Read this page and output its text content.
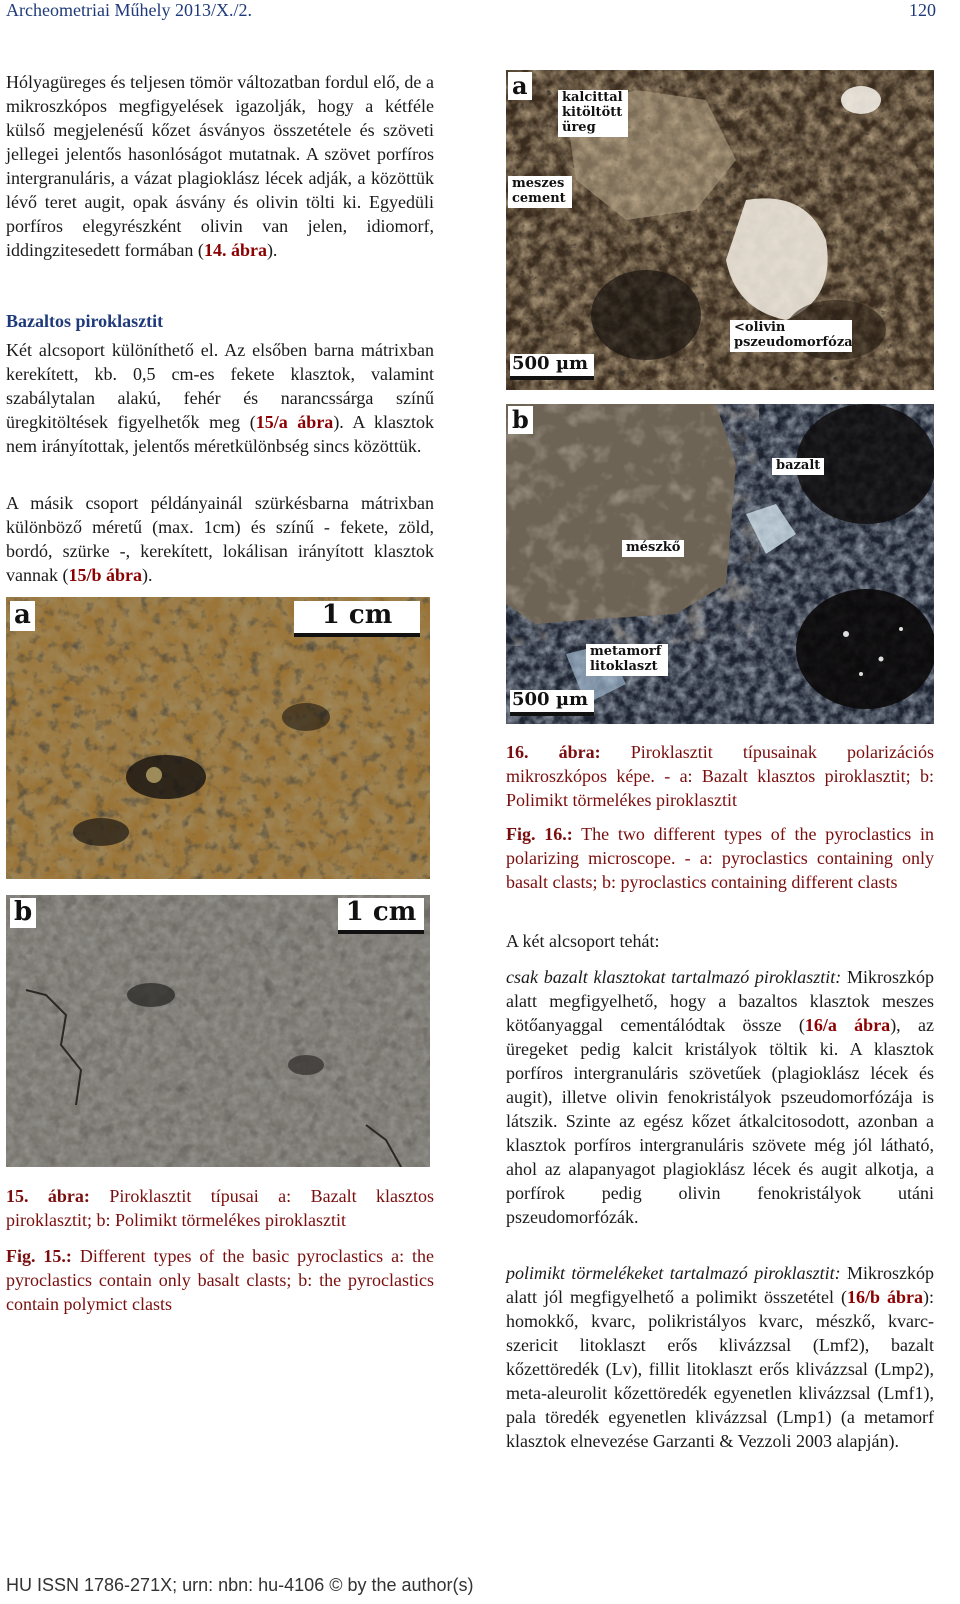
Archeometriai Műhely 2013/X./2.	120

Hólyagüreges és teljesen tömör változatban fordul elő, de a mikroszkópos megfigyelések igazolják, hogy a kétféle külső megjelenésű kőzet ásványos összetétele és szöveti jellegei jelentős hasonlóságot mutatnak. A szövet porfíros intergranuláris, a vázat plagioklász lécek adják, a közöttük lévő teret augit, opak ásvány és olivin tölti ki. Egyedüli porfíros elegyrészként olivin van jelen, idiomorf, iddingzitesedett formában (14. ábra).

Bazaltos piroklasztit

Két alcsoport különíthető el. Az elsőben barna mátrixban kerekített, kb. 0,5 cm-es fekete klasztok, valamint szabálytalan alakú, fehér és narancssárga színű üregkitöltések figyelhetők meg (15/a ábra). A klasztok nem irányítottak, jelentős méretkülönbség sincs közöttük.

A másik csoport példányainál szürkésbarna mátrixban különböző méretű (max. 1cm) és színű - fekete, zöld, bordó, szürke -, kerekített, lokálisan irányított klasztok vannak (15/b ábra).

a	1 cm
b	1 cm

15. ábra: Piroklasztit típusai a: Bazalt klasztos piroklasztit; b: Polimikt törmelékes piroklasztit

Fig. 15.: Different types of the basic pyroclastics a: the pyroclastics contain only basalt clasts; b: the pyroclastics contain polymict clasts

a	kalcittal kitöltött üreg
meszes cement
<olivin pszeudomorfóza
500 µm
b
bazalt
mészkő
metamorf litoklaszt
500 µm

16. ábra: Piroklasztit típusainak polarizációs mikroszkópos képe. - a: Bazalt klasztos piroklasztit; b: Polimikt törmelékes piroklasztit

Fig. 16.: The two different types of the pyroclastics in polarizing microscope. - a: pyroclastics containing only basalt clasts; b: pyroclastics containing different clasts

A két alcsoport tehát:

csak bazalt klasztokat tartalmazó piroklasztit: Mikroszkóp alatt megfigyelhető, hogy a bazaltos klasztok meszes kötőanyaggal cementálódtak össze (16/a ábra), az üregeket pedig kalcit kristályok töltik ki. A klasztok porfíros intergranuláris szövetűek (plagioklász lécek és augit), illetve olivin fenokristályok pszeudomorfózája is látszik. Szinte az egész kőzet átkalcitosodott, azonban a klasztok porfíros intergranuláris szövete még jól látható, ahol az alapanyagot plagioklász lécek és augit alkotja, a porfírok pedig olivin fenokristályok utáni pszeudomorfózák.

polimikt törmelékeket tartalmazó piroklasztit: Mikroszkóp alatt jól megfigyelhető a polimikt összetétel (16/b ábra): homokkő, kvarc, polikristályos kvarc, mészkő, kvarc-szericit litoklaszt erős klivázzsal (Lmf2), bazalt kőzettöredék (Lv), fillit litoklaszt erős klivázzsal (Lmp2), meta-aleurolit kőzettöredék egyenetlen klivázzsal (Lmf1), pala töredék egyenetlen klivázzsal (Lmp1) (a metamorf klasztok elnevezése Garzanti & Vezzoli 2003 alapján).

HU ISSN 1786-271X; urn: nbn: hu-4106 © by the author(s)
